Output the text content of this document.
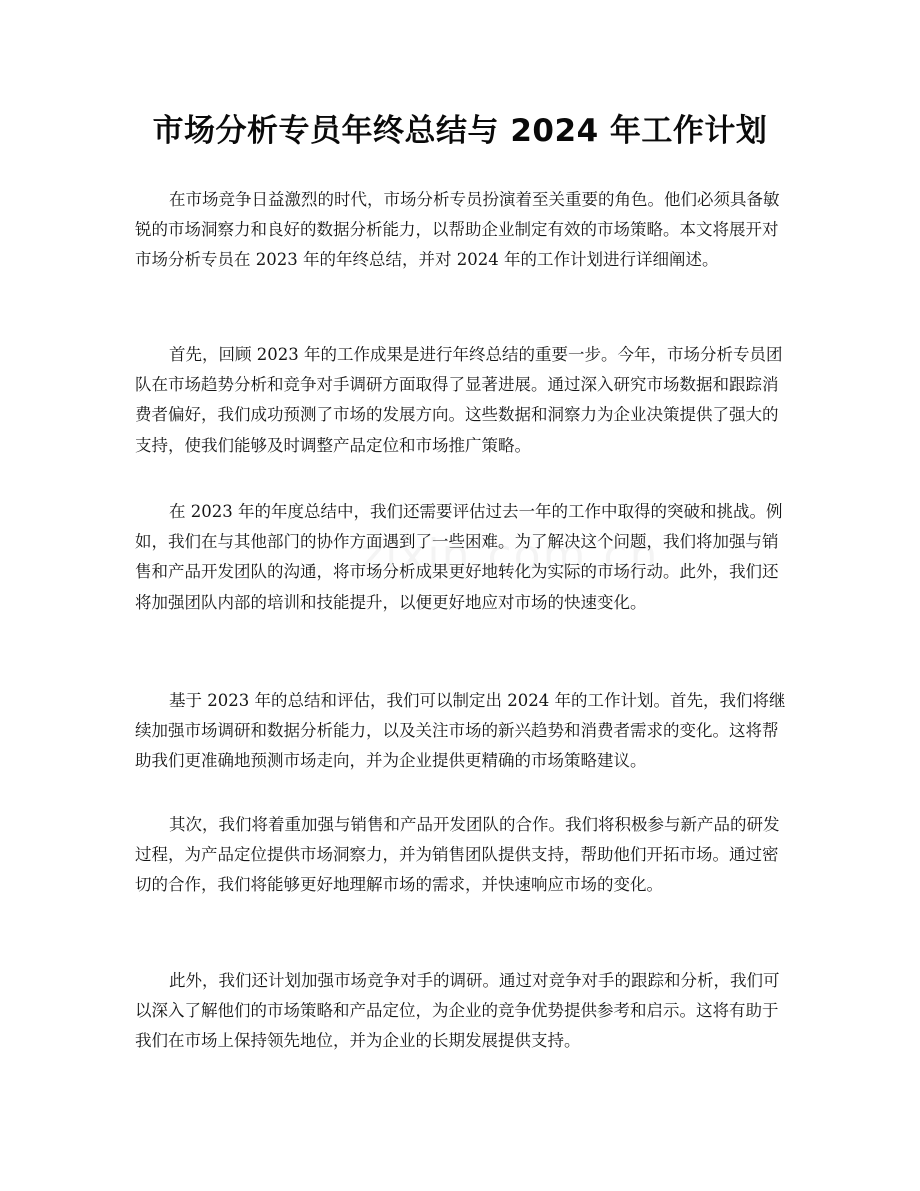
市场分析专员年终总结与 2024 年工作计划

在市场竞争日益激烈的时代，市场分析专员扮演着至关重要的角色。他们必须具备敏锐的市场洞察力和良好的数据分析能力，以帮助企业制定有效的市场策略。本文将展开对市场分析专员在 2023 年的年终总结，并对 2024 年的工作计划进行详细阐述。

首先，回顾 2023 年的工作成果是进行年终总结的重要一步。今年，市场分析专员团队在市场趋势分析和竞争对手调研方面取得了显著进展。通过深入研究市场数据和跟踪消费者偏好，我们成功预测了市场的发展方向。这些数据和洞察力为企业决策提供了强大的支持，使我们能够及时调整产品定位和市场推广策略。

在 2023 年的年度总结中，我们还需要评估过去一年的工作中取得的突破和挑战。例如，我们在与其他部门的协作方面遇到了一些困难。为了解决这个问题，我们将加强与销售和产品开发团队的沟通，将市场分析成果更好地转化为实际的市场行动。此外，我们还将加强团队内部的培训和技能提升，以便更好地应对市场的快速变化。

基于 2023 年的总结和评估，我们可以制定出 2024 年的工作计划。首先，我们将继续加强市场调研和数据分析能力，以及关注市场的新兴趋势和消费者需求的变化。这将帮助我们更准确地预测市场走向，并为企业提供更精确的市场策略建议。

其次，我们将着重加强与销售和产品开发团队的合作。我们将积极参与新产品的研发过程，为产品定位提供市场洞察力，并为销售团队提供支持，帮助他们开拓市场。通过密切的合作，我们将能够更好地理解市场的需求，并快速响应市场的变化。

此外，我们还计划加强市场竞争对手的调研。通过对竞争对手的跟踪和分析，我们可以深入了解他们的市场策略和产品定位，为企业的竞争优势提供参考和启示。这将有助于我们在市场上保持领先地位，并为企业的长期发展提供支持。
